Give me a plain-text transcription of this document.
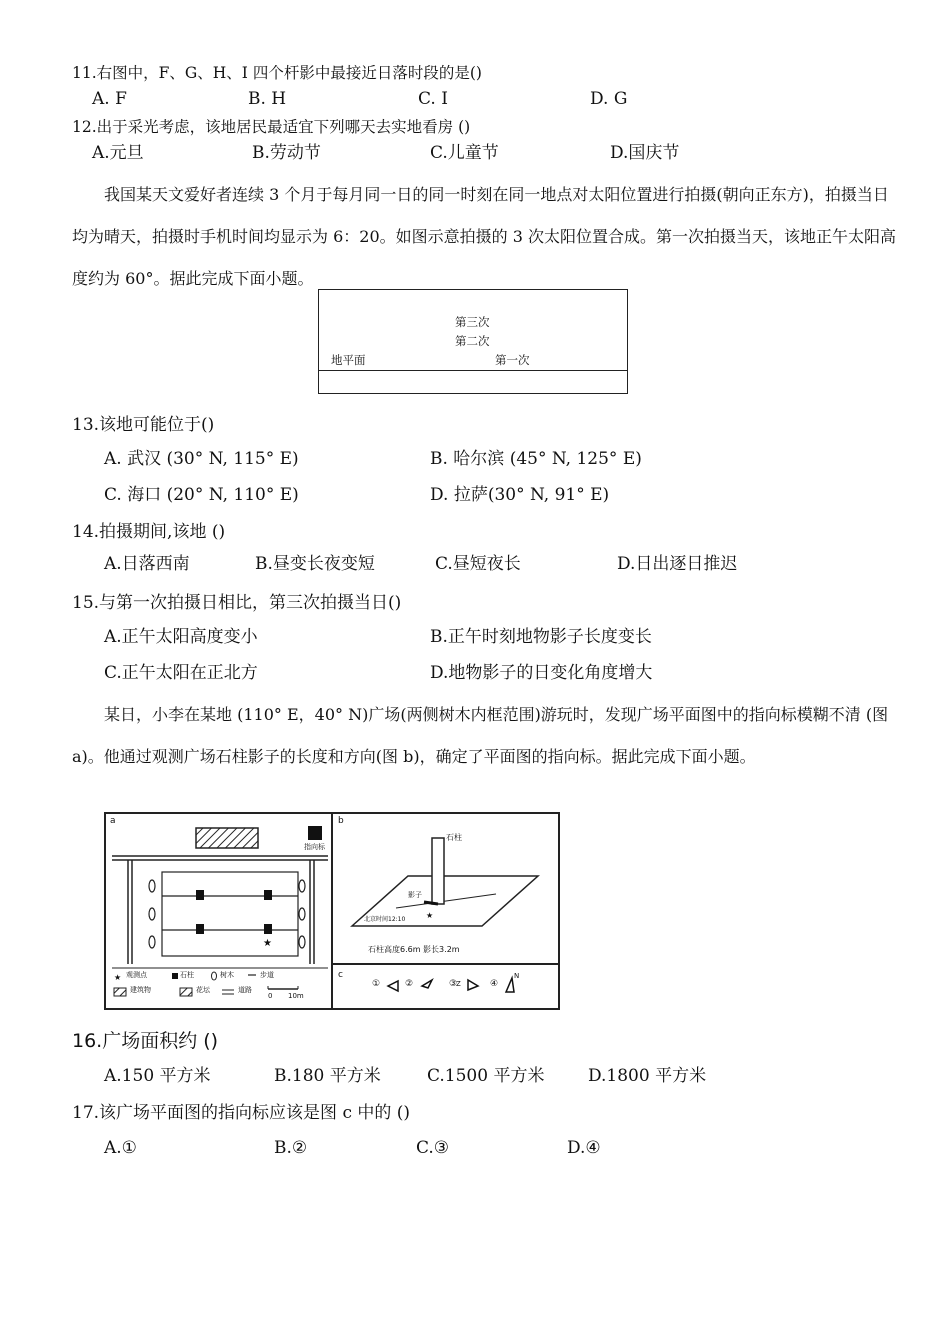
11.右图中，F、G、H、I 四个杆影中最接近日落时段的是()
A. F	B. H	C. I	D. G
12.出于采光考虑，该地居民最适宜下列哪天去实地看房 ()
A.元旦	B.劳动节	C.儿童节	D.国庆节
我国某天文爱好者连续 3 个月于每月同一日的同一时刻在同一地点对太阳位置进行拍摄(朝向正东方)，拍摄当日均为晴天，拍摄时手机时间均显示为 6：20。如图示意拍摄的 3 次太阳位置合成。第一次拍摄当天，该地正午太阳高度约为 60°。据此完成下面小题。
第三次
第二次
第一次
地平面
13.该地可能位于()
A. 武汉 (30° N, 115° E)	B. 哈尔滨 (45° N, 125° E)
C. 海口 (20° N, 110° E)	D. 拉萨(30° N, 91° E)
14.拍摄期间,该地 ()
A.日落西南	B.昼变长夜变短	C.昼短夜长	D.日出逐日推迟
15.与第一次拍摄日相比，第三次拍摄当日()
A.正午太阳高度变小	B.正午时刻地物影子长度变长
C.正午太阳在正北方	D.地物影子的日变化角度增大
某日，小李在某地 (110° E，40° N)广场(两侧树木内框范围)游玩时，发现广场平面图中的指向标模糊不清 (图 a)。他通过观测广场石柱影子的长度和方向(图 b)，确定了平面图的指向标。据此完成下面小题。
★
★
★
a	b
c
指向标
石柱
影子
北京时间12:10
石柱高度6.6m 影长3.2m
观测点	石柱	树木	步道
建筑物	花坛	道路
0 10m
①	②	③	④
Z
N
16.广场面积约 ()
A.150 平方米	B.180 平方米	C.1500 平方米	D.1800 平方米
17.该广场平面图的指向标应该是图 c 中的 ()
A.①	B.②	C.③	D.④
